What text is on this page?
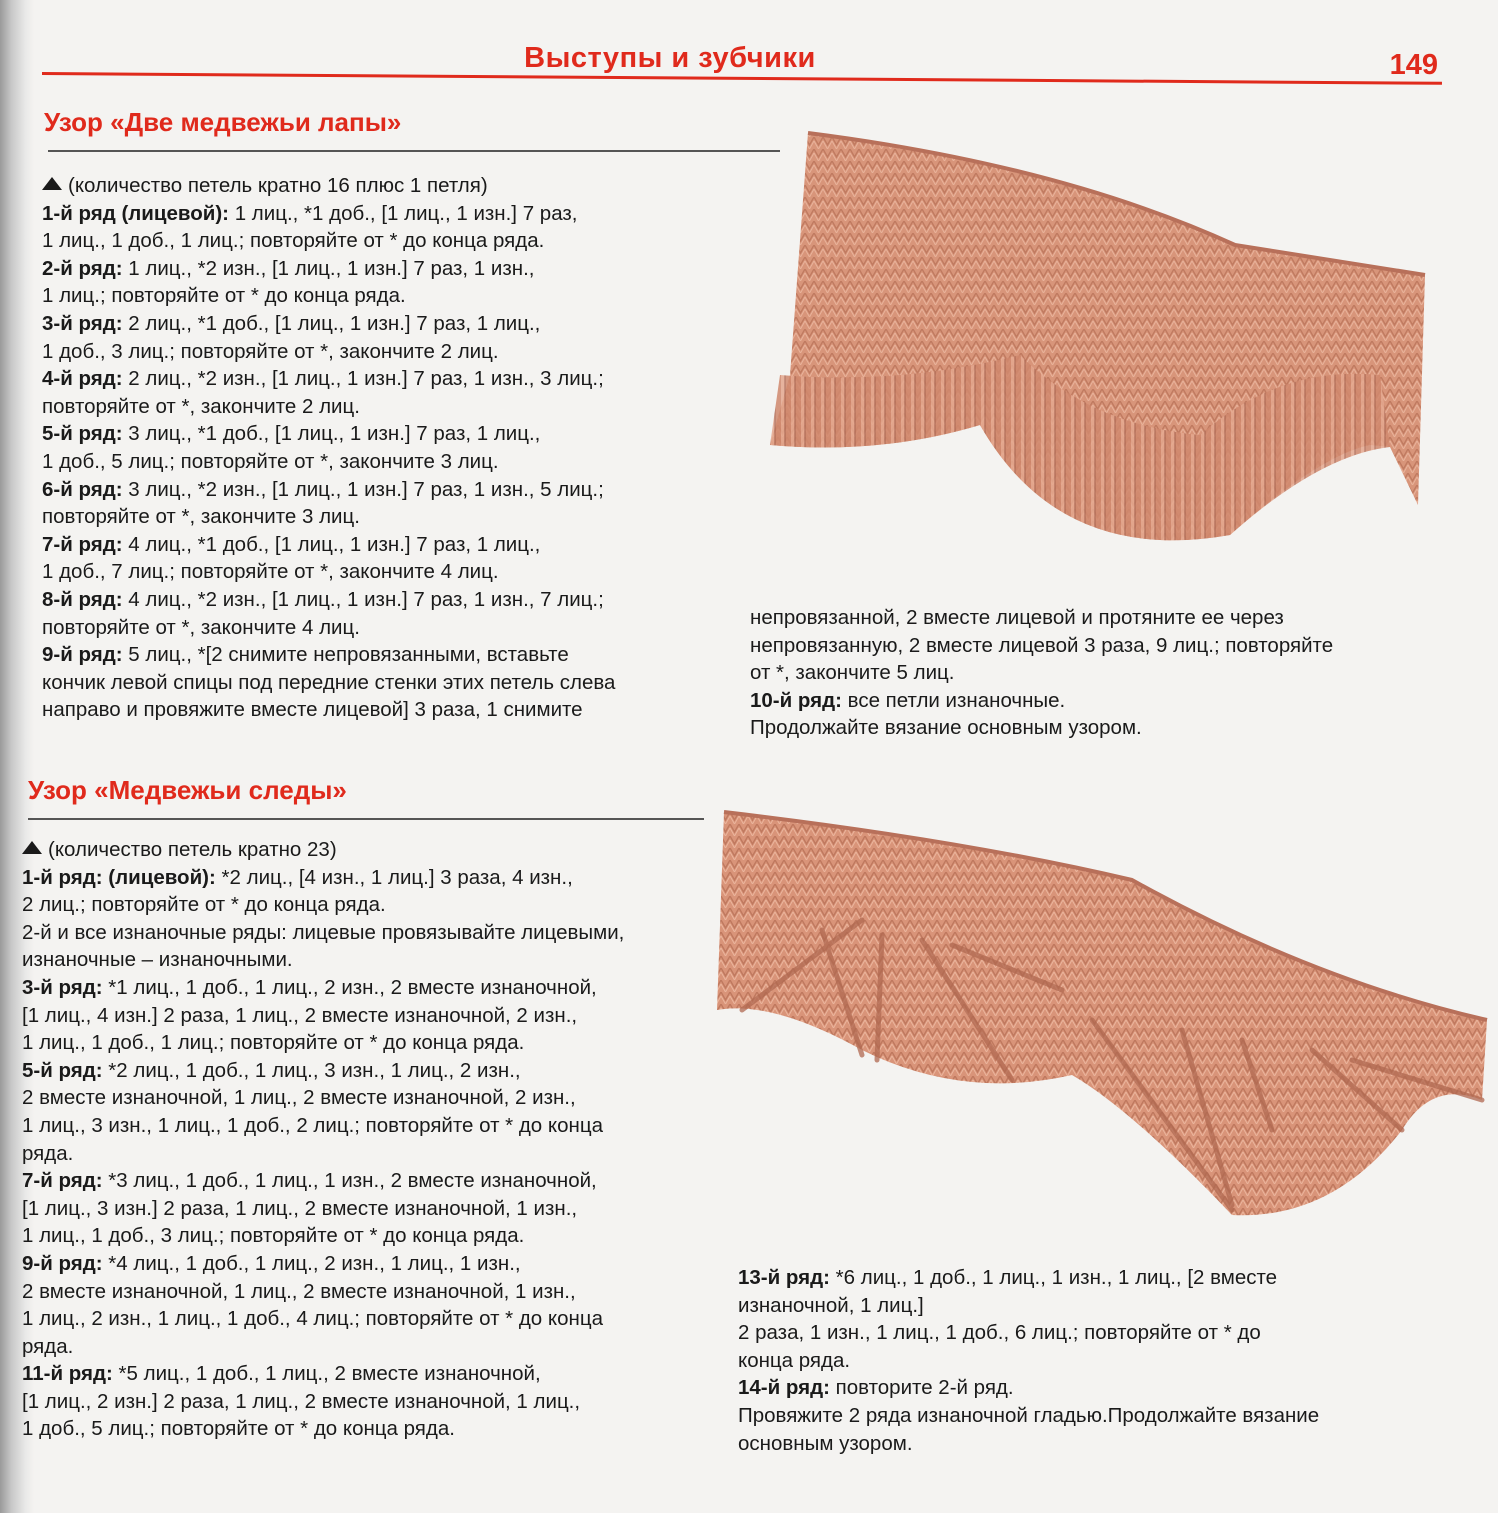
Выступы и зубчики	149
Узор «Две медвежьи лапы»
(количество петель кратно 16 плюс 1 петля)
1-й ряд (лицевой): 1 лиц., *1 доб., [1 лиц., 1 изн.] 7 раз,
1 лиц., 1 доб., 1 лиц.; повторяйте от * до конца ряда.
2-й ряд: 1 лиц., *2 изн., [1 лиц., 1 изн.] 7 раз, 1 изн.,
1 лиц.; повторяйте от * до конца ряда.
3-й ряд: 2 лиц., *1 доб., [1 лиц., 1 изн.] 7 раз, 1 лиц.,
1 доб., 3 лиц.; повторяйте от *, закончите 2 лиц.
4-й ряд: 2 лиц., *2 изн., [1 лиц., 1 изн.] 7 раз, 1 изн., 3 лиц.;
повторяйте от *, закончите 2 лиц.
5-й ряд: 3 лиц., *1 доб., [1 лиц., 1 изн.] 7 раз, 1 лиц.,
1 доб., 5 лиц.; повторяйте от *, закончите 3 лиц.
6-й ряд: 3 лиц., *2 изн., [1 лиц., 1 изн.] 7 раз, 1 изн., 5 лиц.;
повторяйте от *, закончите 3 лиц.
7-й ряд: 4 лиц., *1 доб., [1 лиц., 1 изн.] 7 раз, 1 лиц.,
1 доб., 7 лиц.; повторяйте от *, закончите 4 лиц.
8-й ряд: 4 лиц., *2 изн., [1 лиц., 1 изн.] 7 раз, 1 изн., 7 лиц.;
повторяйте от *, закончите 4 лиц.
9-й ряд: 5 лиц., *[2 снимите непровязанными, вставьте
кончик левой спицы под передние стенки этих петель слева
направо и провяжите вместе лицевой] 3 раза, 1 снимите
непровязанной, 2 вместе лицевой и протяните ее через
непровязанную, 2 вместе лицевой 3 раза, 9 лиц.; повторяйте
от *, закончите 5 лиц.
10-й ряд: все петли изнаночные.
Продолжайте вязание основным узором.
Узор «Медвежьи следы»
(количество петель кратно 23)
1-й ряд: (лицевой): *2 лиц., [4 изн., 1 лиц.] 3 раза, 4 изн.,
2 лиц.; повторяйте от * до конца ряда.
2-й и все изнаночные ряды: лицевые провязывайте лицевыми,
изнаночные – изнаночными.
3-й ряд: *1 лиц., 1 доб., 1 лиц., 2 изн., 2 вместе изнаночной,
[1 лиц., 4 изн.] 2 раза, 1 лиц., 2 вместе изнаночной, 2 изн.,
1 лиц., 1 доб., 1 лиц.; повторяйте от * до конца ряда.
5-й ряд: *2 лиц., 1 доб., 1 лиц., 3 изн., 1 лиц., 2 изн.,
2 вместе изнаночной, 1 лиц., 2 вместе изнаночной, 2 изн.,
1 лиц., 3 изн., 1 лиц., 1 доб., 2 лиц.; повторяйте от * до конца
ряда.
7-й ряд: *3 лиц., 1 доб., 1 лиц., 1 изн., 2 вместе изнаночной,
[1 лиц., 3 изн.] 2 раза, 1 лиц., 2 вместе изнаночной, 1 изн.,
1 лиц., 1 доб., 3 лиц.; повторяйте от * до конца ряда.
9-й ряд: *4 лиц., 1 доб., 1 лиц., 2 изн., 1 лиц., 1 изн.,
2 вместе изнаночной, 1 лиц., 2 вместе изнаночной, 1 изн.,
1 лиц., 2 изн., 1 лиц., 1 доб., 4 лиц.; повторяйте от * до конца
ряда.
11-й ряд: *5 лиц., 1 доб., 1 лиц., 2 вместе изнаночной,
[1 лиц., 2 изн.] 2 раза, 1 лиц., 2 вместе изнаночной, 1 лиц.,
1 доб., 5 лиц.; повторяйте от * до конца ряда.
13-й ряд: *6 лиц., 1 доб., 1 лиц., 1 изн., 1 лиц., [2 вместе
изнаночной, 1 лиц.]
2 раза, 1 изн., 1 лиц., 1 доб., 6 лиц.; повторяйте от * до
конца ряда.
14-й ряд: повторите 2-й ряд.
Провяжите 2 ряда изнаночной гладью.Продолжайте вязание
основным узором.
